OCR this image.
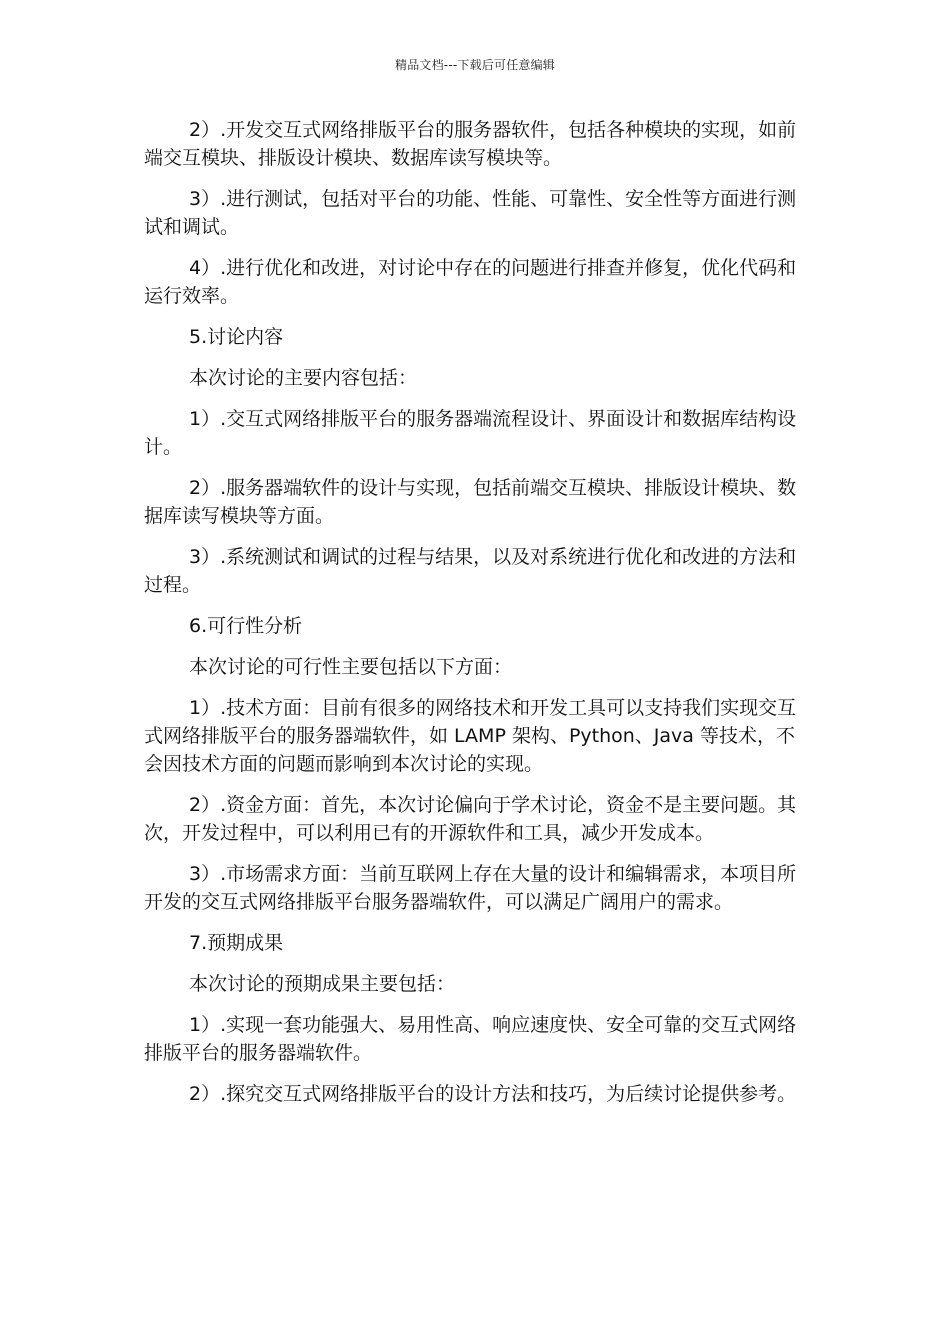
精品文档---下载后可任意编辑

2）.开发交互式网络排版平台的服务器软件，包括各种模块的实现，如前端交互模块、排版设计模块、数据库读写模块等。

3）.进行测试，包括对平台的功能、性能、可靠性、安全性等方面进行测试和调试。

4）.进行优化和改进，对讨论中存在的问题进行排查并修复，优化代码和运行效率。

5.讨论内容

本次讨论的主要内容包括：

1）.交互式网络排版平台的服务器端流程设计、界面设计和数据库结构设计。

2）.服务器端软件的设计与实现，包括前端交互模块、排版设计模块、数据库读写模块等方面。

3）.系统测试和调试的过程与结果，以及对系统进行优化和改进的方法和过程。

6.可行性分析

本次讨论的可行性主要包括以下方面：

1）.技术方面：目前有很多的网络技术和开发工具可以支持我们实现交互式网络排版平台的服务器端软件，如 LAMP 架构、Python、Java 等技术，不会因技术方面的问题而影响到本次讨论的实现。

2）.资金方面：首先，本次讨论偏向于学术讨论，资金不是主要问题。其次，开发过程中，可以利用已有的开源软件和工具，减少开发成本。

3）.市场需求方面：当前互联网上存在大量的设计和编辑需求，本项目所开发的交互式网络排版平台服务器端软件，可以满足广阔用户的需求。

7.预期成果

本次讨论的预期成果主要包括：

1）.实现一套功能强大、易用性高、响应速度快、安全可靠的交互式网络排版平台的服务器端软件。

2）.探究交互式网络排版平台的设计方法和技巧，为后续讨论提供参考。
